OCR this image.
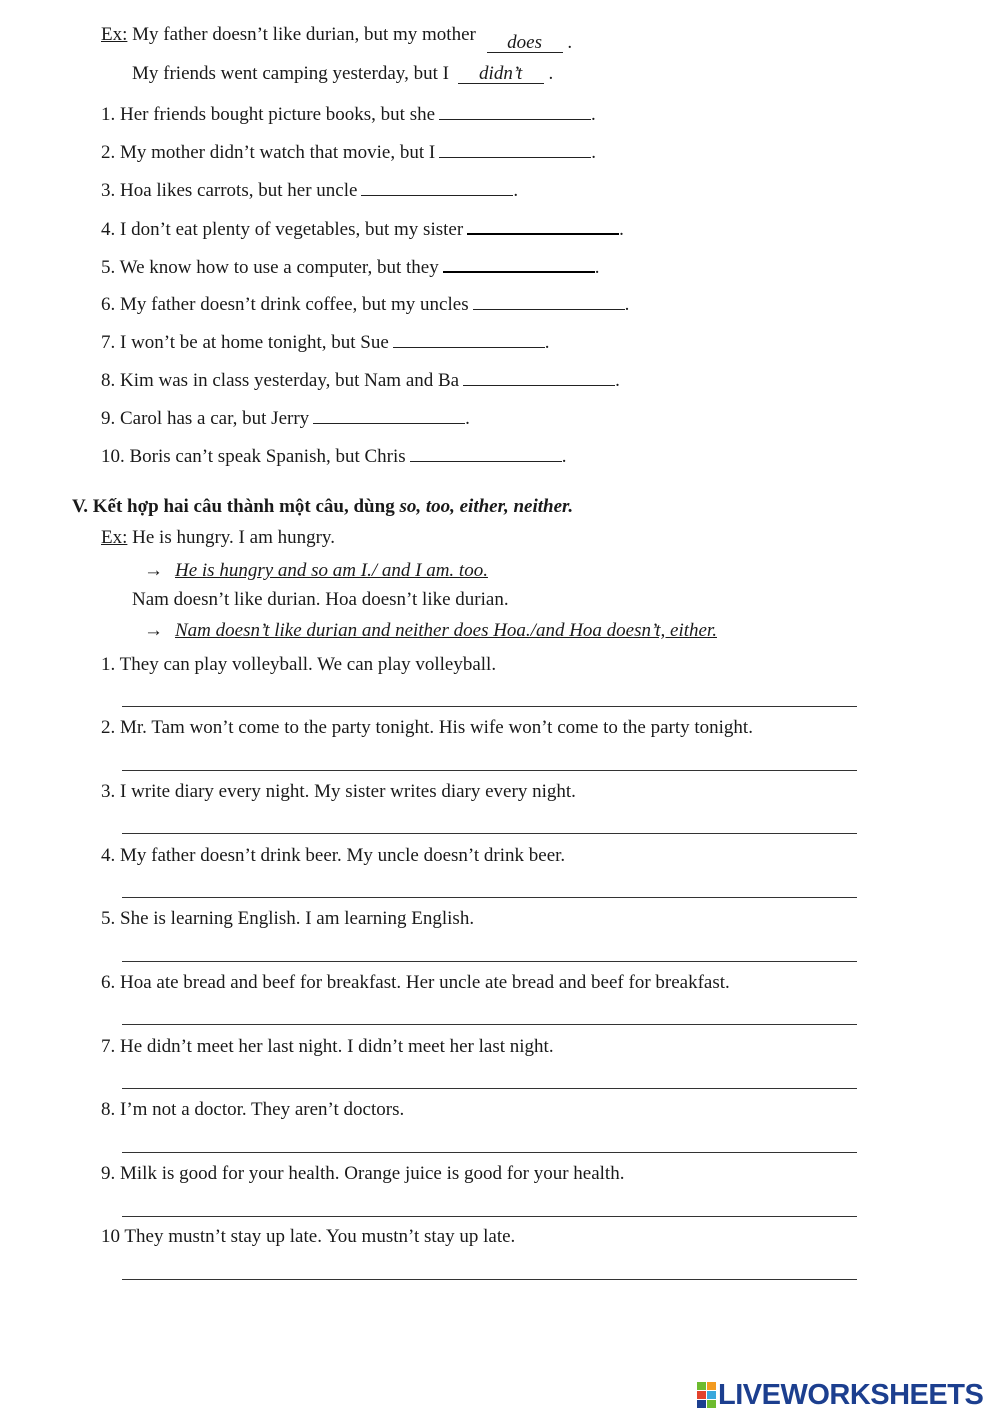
Ex: My father doesn’t like durian, but my mother does .
My friends went camping yesterday, but I didn’t .
1. Her friends bought picture books, but she	.
2. My mother didn’t watch that movie, but I	.
3. Hoa likes carrots, but her uncle	.
4. I don’t eat plenty of vegetables, but my sister	.
5. We know how to use a computer, but they	.
6. My father doesn’t drink coffee, but my uncles	.
7. I won’t be at home tonight, but Sue	.
8. Kim was in class yesterday, but Nam and Ba	.
9. Carol has a car, but Jerry	.
10. Boris can’t speak Spanish, but Chris	.
V. Kết hợp hai câu thành một câu, dùng so, too, either, neither.
Ex: He is hungry. I am hungry.
→ He is hungry and so am I./ and I am. too.
Nam doesn’t like durian. Hoa doesn’t like durian.
→ Nam doesn’t like durian and neither does Hoa./and Hoa doesn’t, either.
1. They can play volleyball. We can play volleyball.
2. Mr. Tam won’t come to the party tonight. His wife won’t come to the party tonight.
3. I write diary every night. My sister writes diary every night.
4. My father doesn’t drink beer. My uncle doesn’t drink beer.
5. She is learning English. I am learning English.
6. Hoa ate bread and beef for breakfast. Her uncle ate bread and beef for breakfast.
7. He didn’t meet her last night. I didn’t meet her last night.
8. I’m not a doctor. They aren’t doctors.
9. Milk is good for your health. Orange juice is good for your health.
10 They mustn’t stay up late. You mustn’t stay up late.
LIVEWORKSHEETS
